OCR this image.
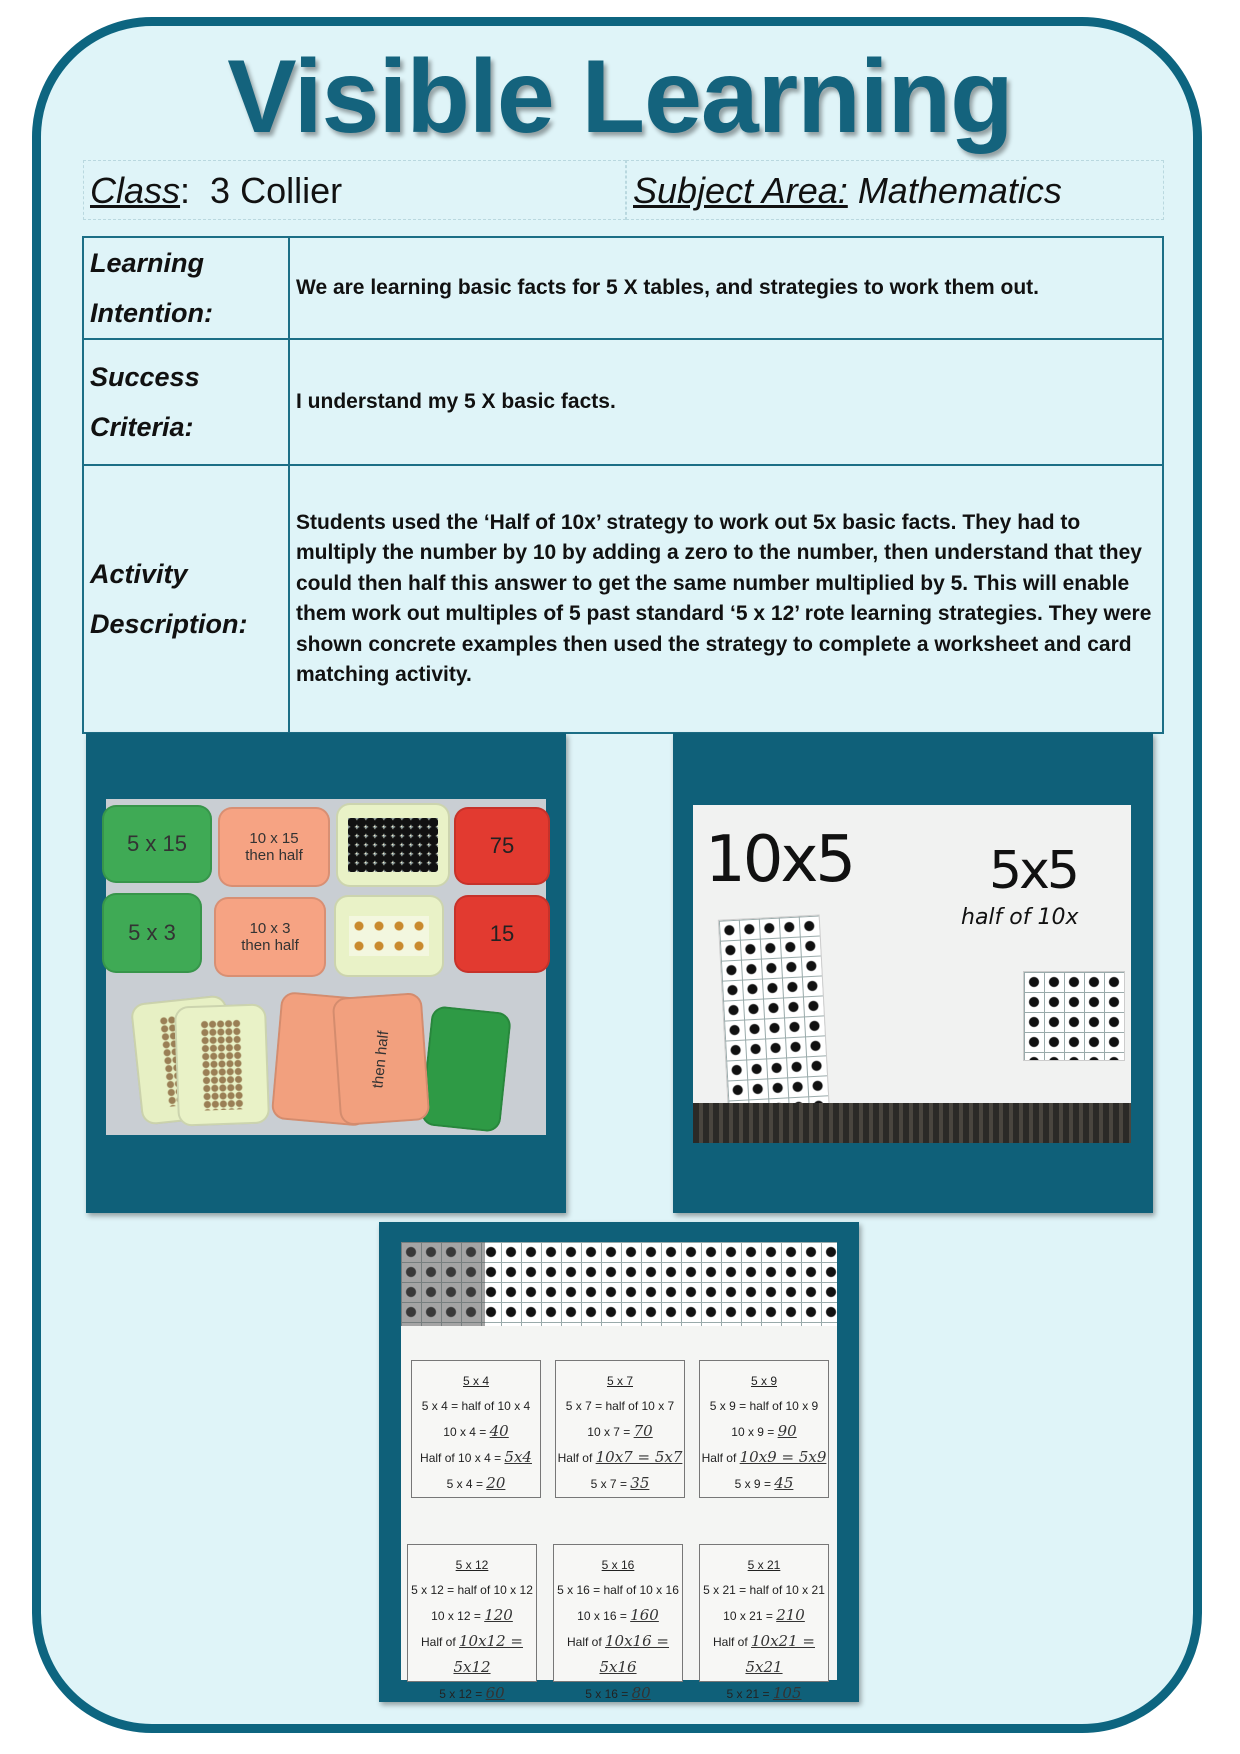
Visible Learning
Class:  3 Collier	Subject Area: Mathematics
Learning
Intention:	We are learning basic facts for 5 X tables, and strategies to work them out.

Success
Criteria:	I understand my 5 X basic facts.

Activity
Description:	Students used the ‘Half of 10x’ strategy to work out 5x basic facts. They had to multiply the number by 10 by adding a zero to the number, then understand that they could then half this answer to get the same number multiplied by 5. This will enable them work out multiples of 5 past standard ‘5 x 12’ rote learning strategies. They were shown concrete examples then used the strategy to complete a worksheet and card matching activity.
5 x 15	10 x 15
then half	75
5 x 3	10 x 3
then half	15
then half
10x5	5x5
half of 10x
5 x 4
5 x 4 = half of 10 x 4
10 x 4 = 40
Half of 10 x 4 = 5x4
5 x 4 = 20
5 x 7
5 x 7 = half of 10 x 7
10 x 7 = 70
Half of 10x7 = 5x7
5 x 7 = 35
5 x 9
5 x 9 = half of 10 x 9
10 x 9 = 90
Half of 10x9 = 5x9
5 x 9 = 45
5 x 12
5 x 12 = half of 10 x 12
10 x 12 = 120
Half of 10x12 = 5x12
5 x 12 = 60
5 x 16
5 x 16 = half of 10 x 16
10 x 16 = 160
Half of 10x16 = 5x16
5 x 16 = 80
5 x 21
5 x 21 = half of 10 x 21
10 x 21 = 210
Half of 10x21 = 5x21
5 x 21 = 105
